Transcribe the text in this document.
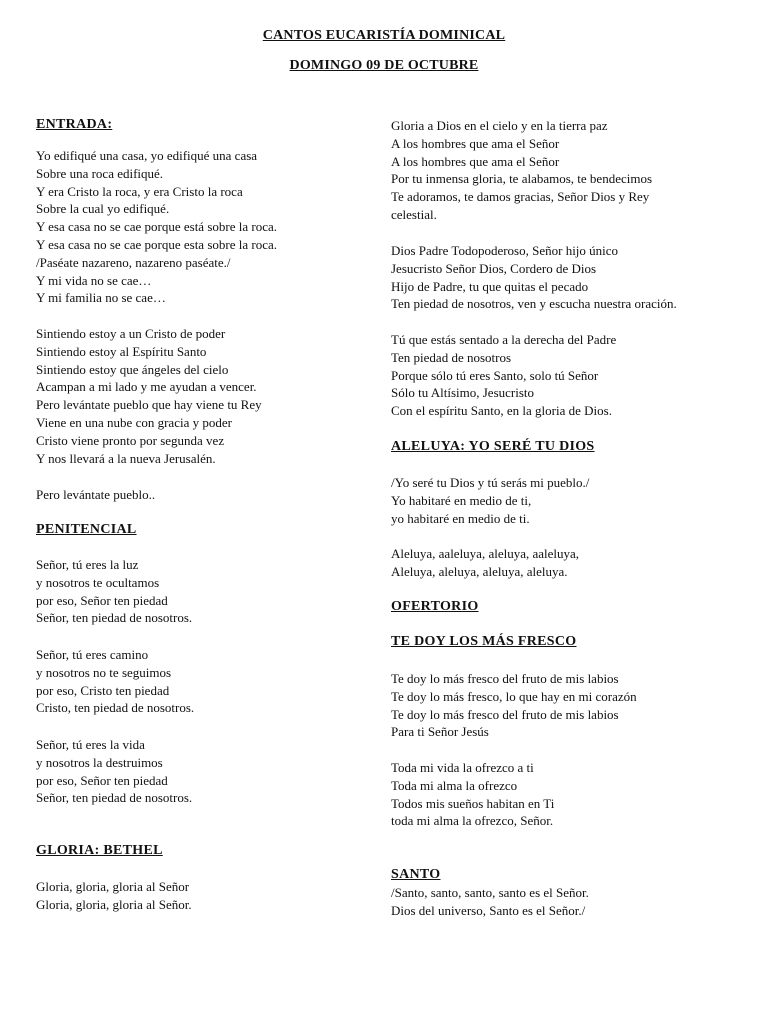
CANTOS EUCARISTÍA DOMINICAL
DOMINGO 09 DE OCTUBRE
ENTRADA:
Yo edifiqué una casa, yo edifiqué una casa
Sobre una roca edifiqué.
Y era Cristo la roca, y era Cristo la roca
Sobre la cual yo edifiqué.
Y esa casa no se cae porque está sobre la roca.
Y esa casa no se cae porque esta sobre la roca.
/Paséate nazareno, nazareno paséate./
Y mi vida no se cae…
Y mi familia no se cae…
Sintiendo estoy a un Cristo de poder
Sintiendo estoy al Espíritu Santo
Sintiendo estoy que ángeles del cielo
Acampan a mi lado y me ayudan a vencer.
Pero levántate pueblo que hay viene tu Rey
Viene en una nube con gracia y poder
Cristo viene pronto por segunda vez
Y nos llevará a la nueva Jerusalén.
Pero levántate pueblo..
PENITENCIAL
Señor, tú eres la luz
y nosotros te ocultamos
por eso, Señor ten piedad
Señor, ten piedad de nosotros.
Señor, tú eres camino
y nosotros no te seguimos
por eso, Cristo ten piedad
Cristo, ten piedad de nosotros.
Señor, tú eres la vida
y nosotros la destruimos
por eso, Señor ten piedad
Señor, ten piedad de nosotros.
GLORIA: BETHEL
Gloria, gloria, gloria al Señor
Gloria, gloria, gloria al Señor.
Gloria a Dios en el cielo y en la tierra paz
A los hombres que ama el Señor
A los hombres que ama el Señor
Por tu inmensa gloria, te alabamos, te bendecimos
Te adoramos, te damos gracias, Señor Dios y Rey
celestial.
Dios Padre Todopoderoso, Señor hijo único
Jesucristo Señor Dios, Cordero de Dios
Hijo de Padre, tu que quitas el pecado
Ten piedad de nosotros, ven y escucha nuestra oración.
Tú que estás sentado a la derecha del Padre
Ten piedad de nosotros
Porque sólo tú eres Santo, solo tú Señor
Sólo tu Altísimo, Jesucristo
Con el espíritu Santo, en la gloria de Dios.
ALELUYA: YO SERÉ TU DIOS
/Yo seré tu Dios y tú serás mi pueblo./
Yo habitaré en medio de ti,
yo habitaré en medio de ti.
Aleluya, aaleluya, aleluya, aaleluya,
Aleluya, aleluya, aleluya, aleluya.
OFERTORIO
TE DOY LOS MÁS FRESCO
Te doy lo más fresco del fruto de mis labios
Te doy lo más fresco, lo que hay en mi corazón
Te doy lo más fresco del fruto de mis labios
Para ti Señor Jesús
Toda mi vida la ofrezco a ti
Toda mi alma la ofrezco
Todos mis sueños habitan en Ti
toda mi alma la ofrezco, Señor.
SANTO
/Santo, santo, santo, santo es el Señor.
Dios del universo, Santo es el Señor./
